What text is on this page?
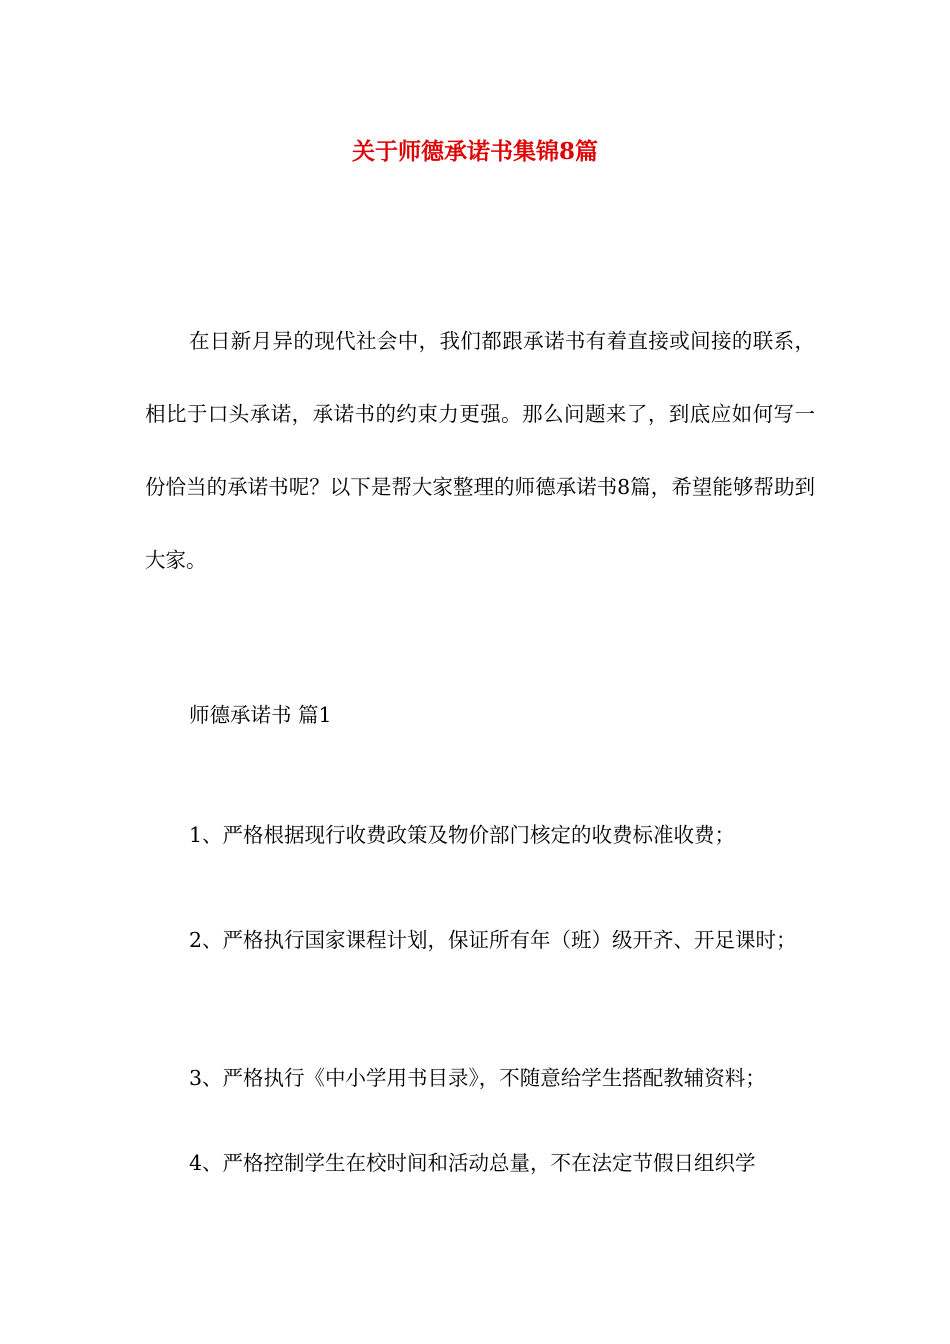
关于师德承诺书集锦8篇

在日新月异的现代社会中，我们都跟承诺书有着直接或间接的联系，相比于口头承诺，承诺书的约束力更强。那么问题来了，到底应如何写一份恰当的承诺书呢？以下是帮大家整理的师德承诺书8篇，希望能够帮助到大家。

师德承诺书 篇1

1、严格根据现行收费政策及物价部门核定的收费标准收费；

2、严格执行国家课程计划，保证所有年（班）级开齐、开足课时；

3、严格执行《中小学用书目录》，不随意给学生搭配教辅资料；

4、严格控制学生在校时间和活动总量，不在法定节假日组织学
